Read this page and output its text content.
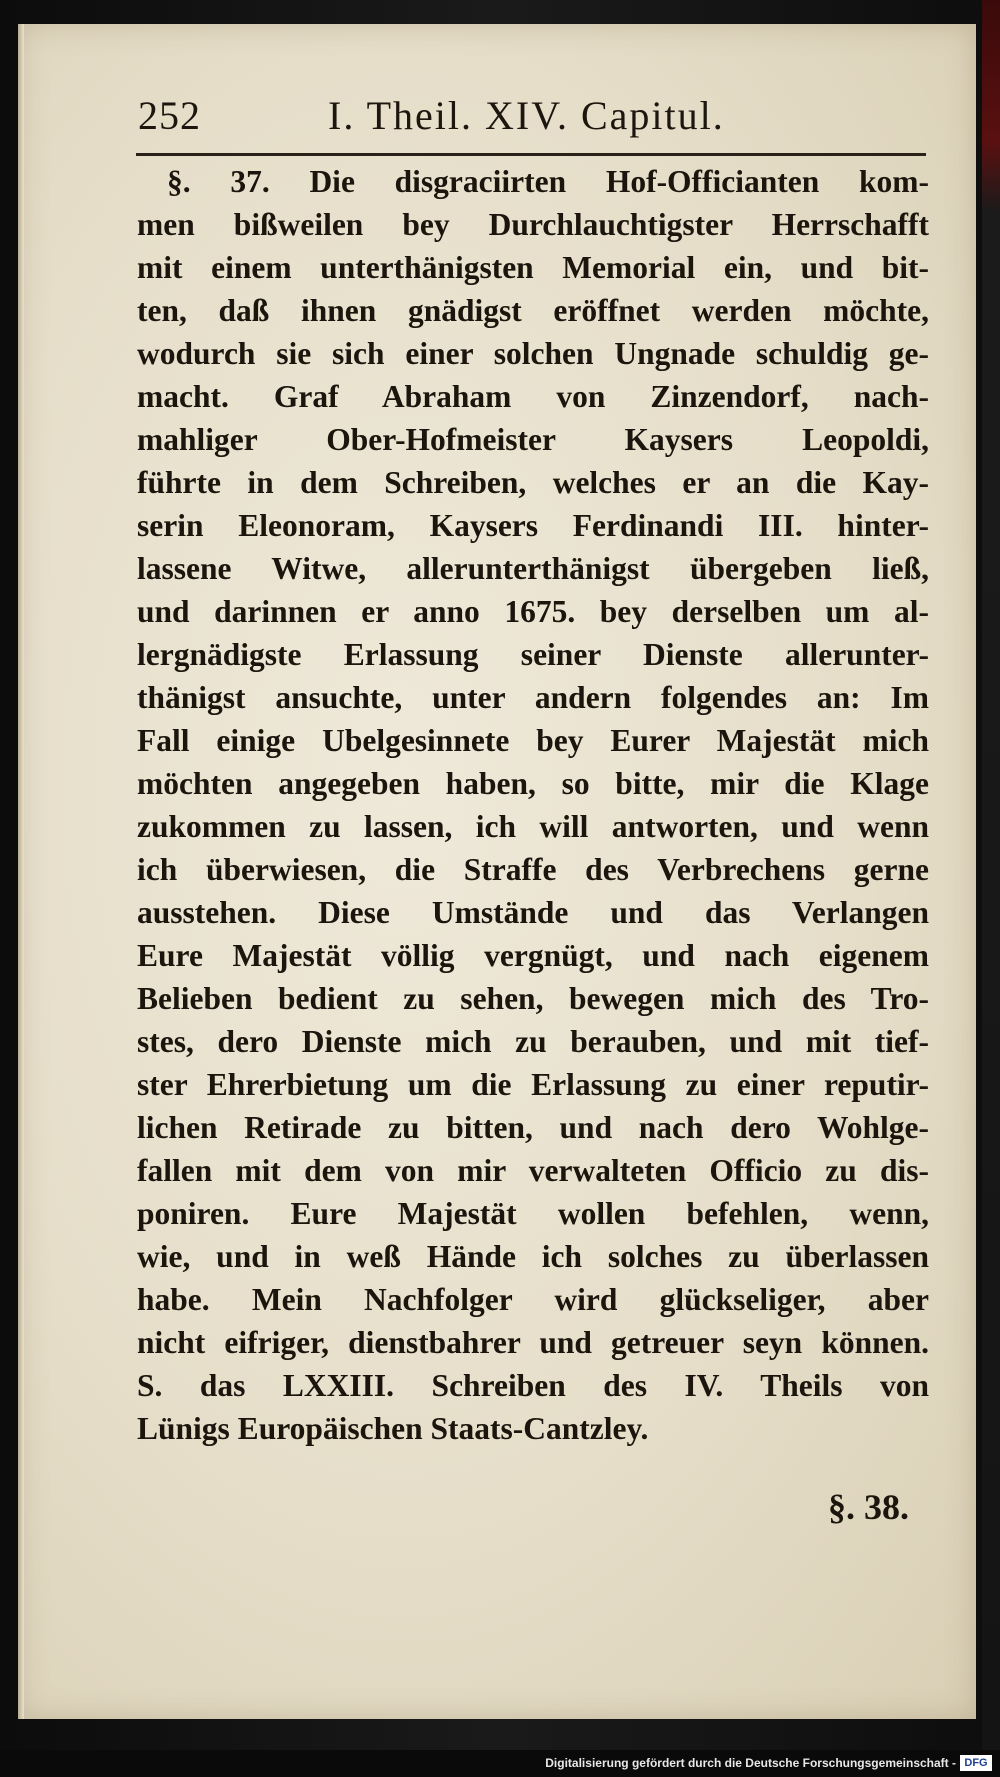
252	I. Theil. XIV. Capitul.
§. 37. Die disgraciirten Hof-Officianten kom-
men bißweilen bey Durchlauchtigster Herrschafft
mit einem unterthänigsten Memorial ein, und bit-
ten, daß ihnen gnädigst eröffnet werden möchte,
wodurch sie sich einer solchen Ungnade schuldig ge-
macht. Graf Abraham von Zinzendorf, nach-
mahliger Ober-Hofmeister Kaysers Leopoldi,
führte in dem Schreiben, welches er an die Kay-
serin Eleonoram, Kaysers Ferdinandi III. hinter-
lassene Witwe, allerunterthänigst übergeben ließ,
und darinnen er anno 1675. bey derselben um al-
lergnädigste Erlassung seiner Dienste allerunter-
thänigst ansuchte, unter andern folgendes an: Im
Fall einige Ubelgesinnete bey Eurer Majestät mich
möchten angegeben haben, so bitte, mir die Klage
zukommen zu lassen, ich will antworten, und wenn
ich überwiesen, die Straffe des Verbrechens gerne
ausstehen. Diese Umstände und das Verlangen
Eure Majestät völlig vergnügt, und nach eigenem
Belieben bedient zu sehen, bewegen mich des Tro-
stes, dero Dienste mich zu berauben, und mit tief-
ster Ehrerbietung um die Erlassung zu einer reputir-
lichen Retirade zu bitten, und nach dero Wohlge-
fallen mit dem von mir verwalteten Officio zu dis-
poniren. Eure Majestät wollen befehlen, wenn,
wie, und in weß Hände ich solches zu überlassen
habe. Mein Nachfolger wird glückseliger, aber
nicht eifriger, dienstbahrer und getreuer seyn können.
S. das LXXIII. Schreiben des IV. Theils von
Lünigs Europäischen Staats-Cantzley.
§. 38.
Digitalisierung gefördert durch die Deutsche Forschungsgemeinschaft - DFG
